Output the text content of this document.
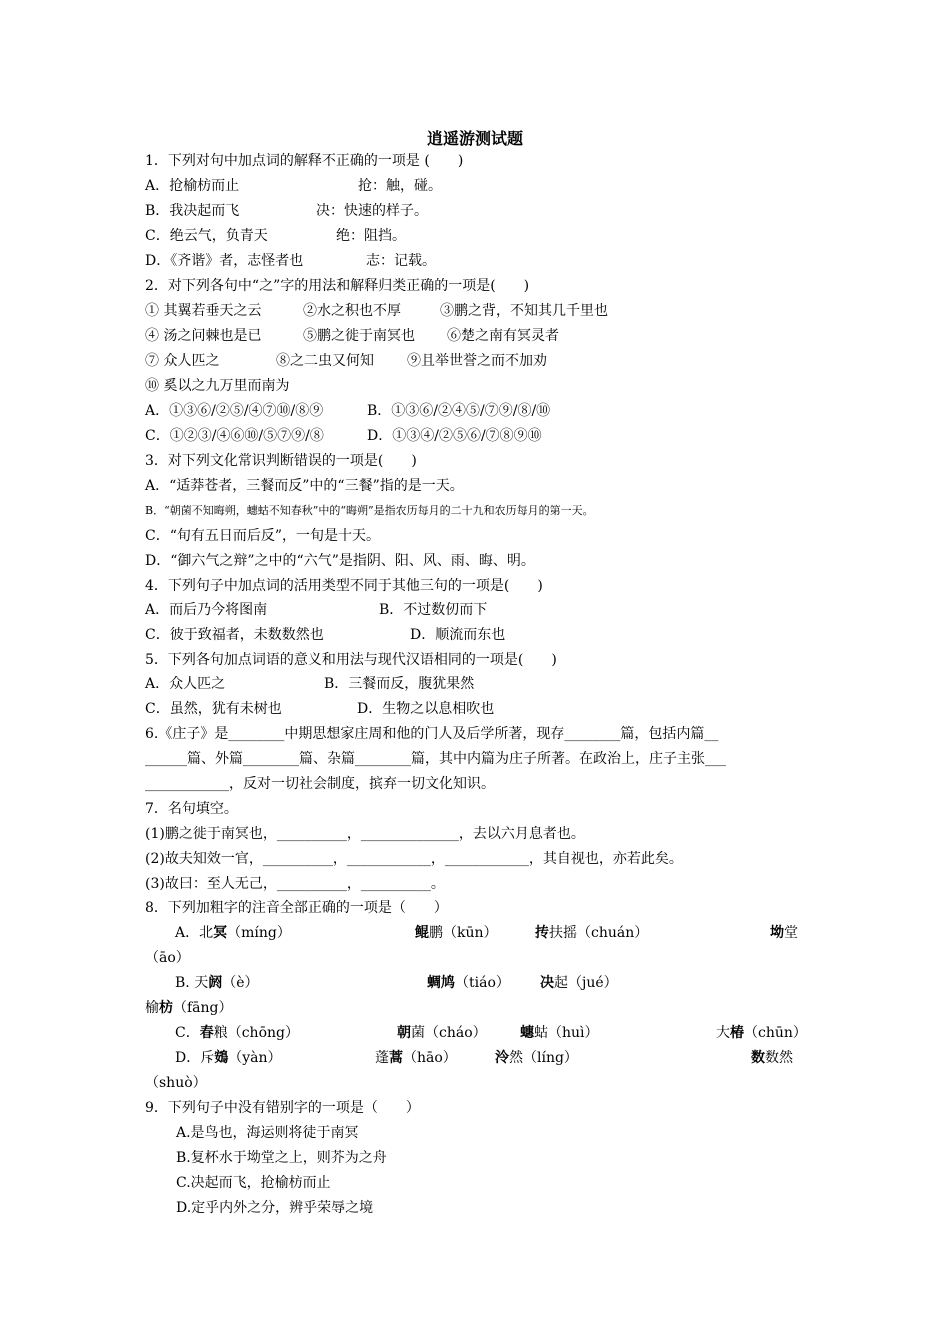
逍遥游测试题
1．下列对句中加点词的解释不正确的一项是 (　　)
A．抢榆枋而止	抢：触，碰。
B．我决起而飞	决：快速的样子。
C．绝云气，负青天	绝：阻挡。
D．《齐谐》者，志怪者也	志：记载。
2．对下列各句中“之”字的用法和解释归类正确的一项是(　　)
① 其翼若垂天之云	②水之积也不厚	③鹏之背，不知其几千里也
④ 汤之问棘也是已	⑤鹏之徙于南冥也 ⑥楚之南有冥灵者
⑦ 众人匹之	⑧之二虫又何知 ⑨且举世誉之而不加劝
⑩ 奚以之九万里而南为
A．①③⑥/②⑤/④⑦⑩/⑧⑨	B．①③⑥/②④⑤/⑦⑨/⑧/⑩
C．①②③/④⑥⑩/⑤⑦⑨/⑧	D．①③④/②⑤⑥/⑦⑧⑨⑩
3．对下列文化常识判断错误的一项是(　　)
A．“适莽苍者，三餐而反”中的“三餐”指的是一天。
B．“朝菌不知晦朔，蟪蛄不知春秋”中的“晦朔”是指农历每月的二十九和农历每月的第一天。
C．“旬有五日而后反”，一旬是十天。
D．“御六气之辩”之中的“六气”是指阴、阳、风、雨、晦、明。
4．下列句子中加点词的活用类型不同于其他三句的一项是(　　)
A．而后乃今将图南	B．不过数仞而下
C．彼于致福者，未数数然也	D．顺流而东也
5．下列各句加点词语的意义和用法与现代汉语相同的一项是(　　)
A．众人匹之	B．三餐而反，腹犹果然
C．虽然，犹有未树也	D．生物之以息相吹也
6.《庄子》是________中期思想家庄周和他的门人及后学所著，现存________篇，包括内篇__
______篇、外篇________篇、杂篇________篇，其中内篇为庄子所著。在政治上，庄子主张___
____________，反对一切社会制度，摈弃一切文化知识。
7．名句填空。
(1)鹏之徙于南冥也，__________，______________，去以六月息者也。
(2)故夫知效一官，__________，____________，____________，其自视也，亦若此矣。
(3)故曰：至人无己，__________，__________。
8．下列加粗字的注音全部正确的一项是（　　）
A．北冥（míng）	鲲鹏（kūn）	抟扶摇（chuán）	坳堂
（āo）
B. 天阏（è）	蜩鸠（tiáo） 决起（jué）
榆枋（fāng）
C．春粮（chōng）	朝菌（cháo） 蟪蛄（huì）	大椿（chūn）
D．斥鴳（yàn）	蓬蒿（hāo）	泠然（líng）	数数然
（shuò）
9．下列句子中没有错别字的一项是（　　）
A.是鸟也，海运则将徒于南冥
B.复杯水于坳堂之上，则芥为之舟
C.决起而飞，抢榆枋而止
D.定乎内外之分，辨乎荣辱之境
